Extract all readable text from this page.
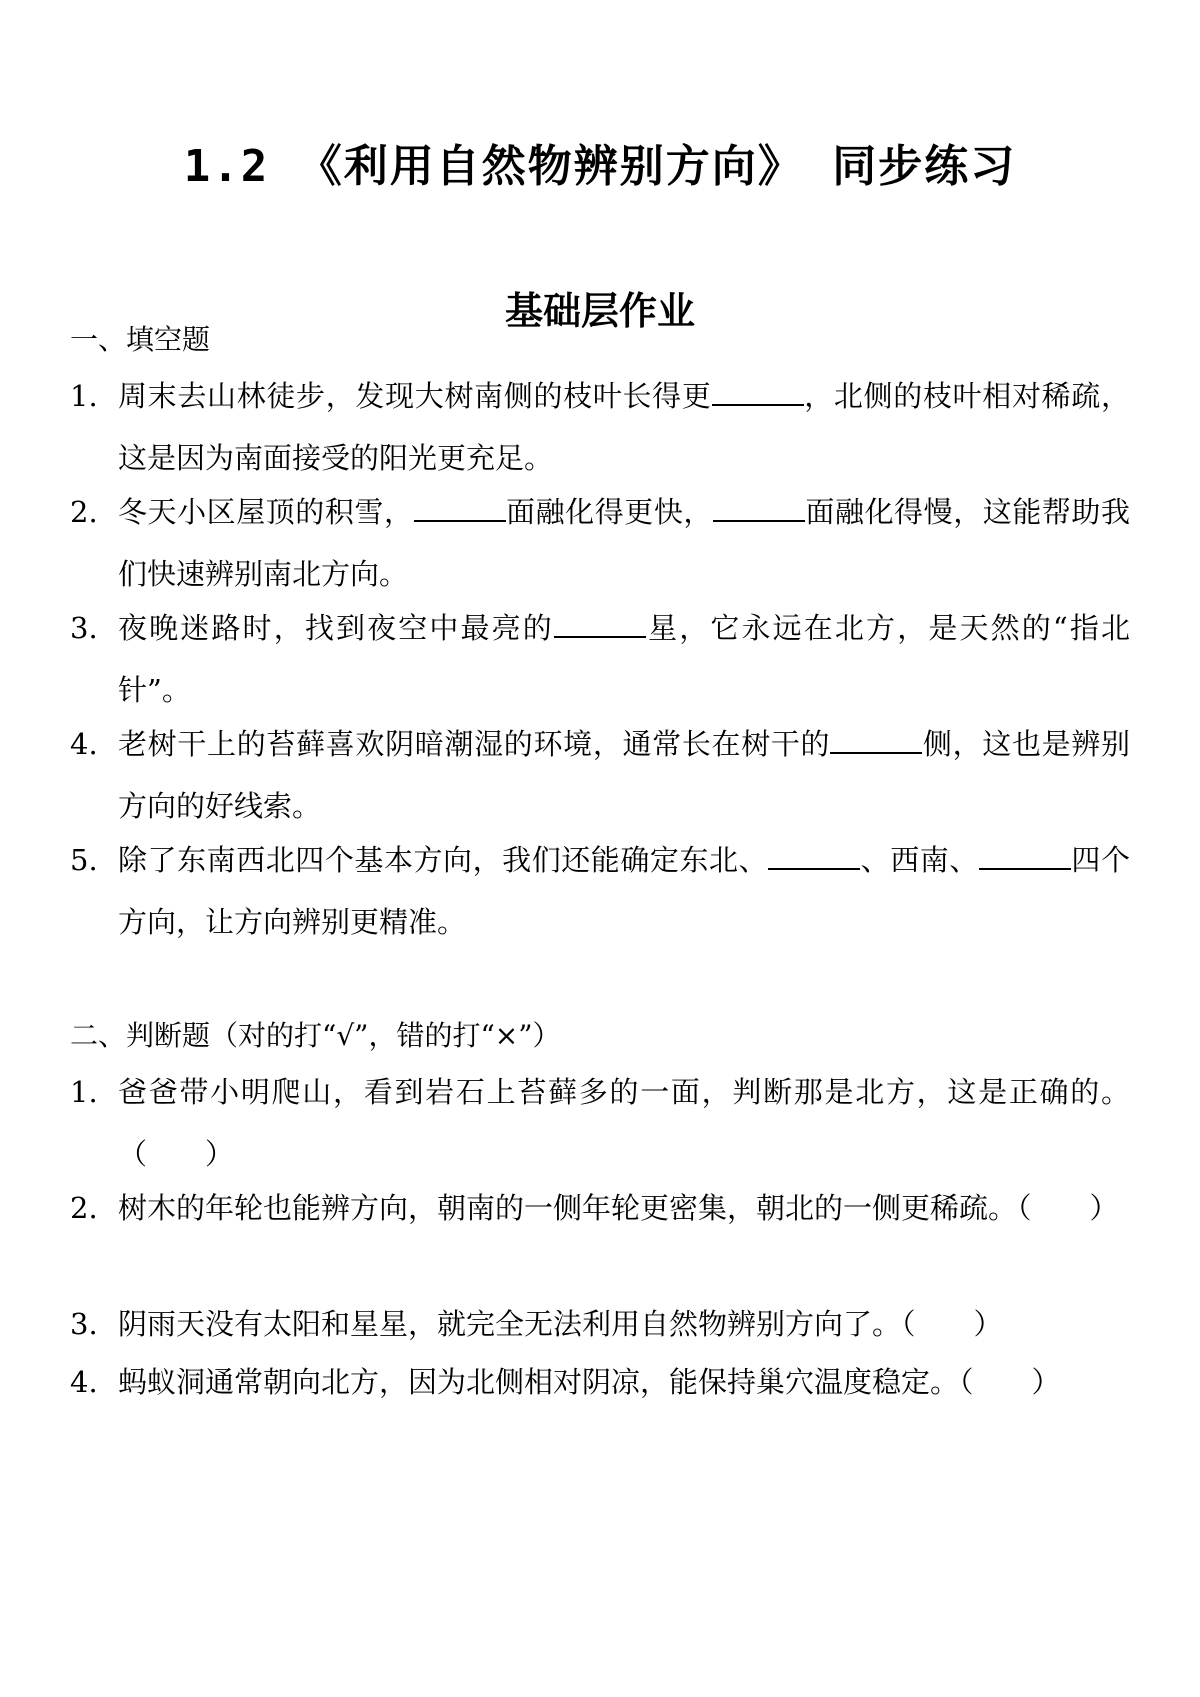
1.2 《利用自然物辨别方向》 同步练习
基础层作业
一、填空题
1. 周末去山林徒步，发现大树南侧的枝叶长得更	，北侧的枝叶相对稀疏，这是因为南面接受的阳光更充足。
2. 冬天小区屋顶的积雪，	面融化得更快，	面融化得慢，这能帮助我们快速辨别南北方向。
3. 夜晚迷路时，找到夜空中最亮的	星，它永远在北方，是天然的“指北针”。
4. 老树干上的苔藓喜欢阴暗潮湿的环境，通常长在树干的	侧，这也是辨别方向的好线索。
5. 除了东南西北四个基本方向，我们还能确定东北、	、西南、	四个方向，让方向辨别更精准。
二、判断题（对的打“√”，错的打“×”）
1. 爸爸带小明爬山，看到岩石上苔藓多的一面，判断那是北方，这是正确的。（　　）
2. 树木的年轮也能辨方向，朝南的一侧年轮更密集，朝北的一侧更稀疏。（　　）
3. 阴雨天没有太阳和星星，就完全无法利用自然物辨别方向了。（　　）
4. 蚂蚁洞通常朝向北方，因为北侧相对阴凉，能保持巢穴温度稳定。（　　）
